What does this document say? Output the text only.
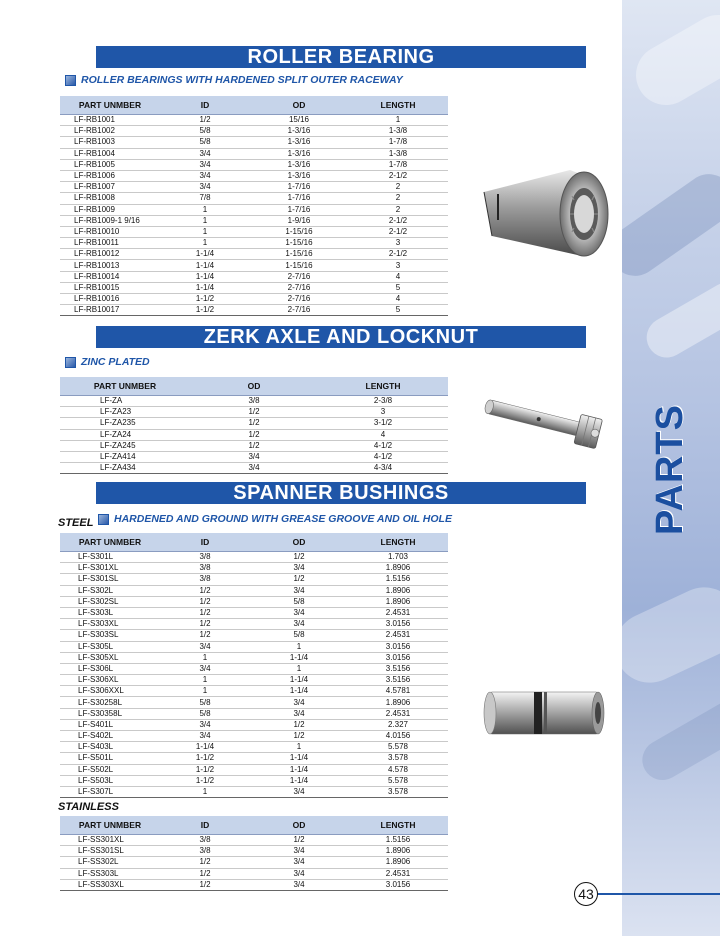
PARTS
ROLLER BEARING
ROLLER BEARINGS WITH HARDENED SPLIT OUTER RACEWAY
PART UNMBER	ID	OD	LENGTH
LF-RB1001	1/2	15/16	1
LF-RB1002	5/8	1-3/16	1-3/8
LF-RB1003	5/8	1-3/16	1-7/8
LF-RB1004	3/4	1-3/16	1-3/8
LF-RB1005	3/4	1-3/16	1-7/8
LF-RB1006	3/4	1-3/16	2-1/2
LF-RB1007	3/4	1-7/16	2
LF-RB1008	7/8	1-7/16	2
LF-RB1009	1	1-7/16	2
LF-RB1009-1 9/16	1	1-9/16	2-1/2
LF-RB10010	1	1-15/16	2-1/2
LF-RB10011	1	1-15/16	3
LF-RB10012	1-1/4	1-15/16	2-1/2
LF-RB10013	1-1/4	1-15/16	3
LF-RB10014	1-1/4	2-7/16	4
LF-RB10015	1-1/4	2-7/16	5
LF-RB10016	1-1/2	2-7/16	4
LF-RB10017	1-1/2	2-7/16	5
ZERK AXLE AND LOCKNUT
ZINC PLATED
PART UNMBER	OD	LENGTH
LF-ZA	3/8	2-3/8
LF-ZA23	1/2	3
LF-ZA235	1/2	3-1/2
LF-ZA24	1/2	4
LF-ZA245	1/2	4-1/2
LF-ZA414	3/4	4-1/2
LF-ZA434	3/4	4-3/4
SPANNER BUSHINGS
STEEL HARDENED AND GROUND WITH GREASE GROOVE AND OIL HOLE
PART UNMBER	ID	OD	LENGTH
LF-S301L	3/8	1/2	1.703
LF-S301XL	3/8	3/4	1.8906
LF-S301SL	3/8	1/2	1.5156
LF-S302L	1/2	3/4	1.8906
LF-S302SL	1/2	5/8	1.8906
LF-S303L	1/2	3/4	2.4531
LF-S303XL	1/2	3/4	3.0156
LF-S303SL	1/2	5/8	2.4531
LF-S305L	3/4	1	3.0156
LF-S305XL	1	1-1/4	3.0156
LF-S306L	3/4	1	3.5156
LF-S306XL	1	1-1/4	3.5156
LF-S306XXL	1	1-1/4	4.5781
LF-S30258L	5/8	3/4	1.8906
LF-S30358L	5/8	3/4	2.4531
LF-S401L	3/4	1/2	2.327
LF-S402L	3/4	1/2	4.0156
LF-S403L	1-1/4	1	5.578
LF-S501L	1-1/2	1-1/4	3.578
LF-S502L	1-1/2	1-1/4	4.578
LF-S503L	1-1/2	1-1/4	5.578
LF-S307L	1	3/4	3.578
STAINLESS
PART UNMBER	ID	OD	LENGTH
LF-SS301XL	3/8	1/2	1.5156
LF-SS301SL	3/8	3/4	1.8906
LF-SS302L	1/2	3/4	1.8906
LF-SS303L	1/2	3/4	2.4531
LF-SS303XL	1/2	3/4	3.0156
43
